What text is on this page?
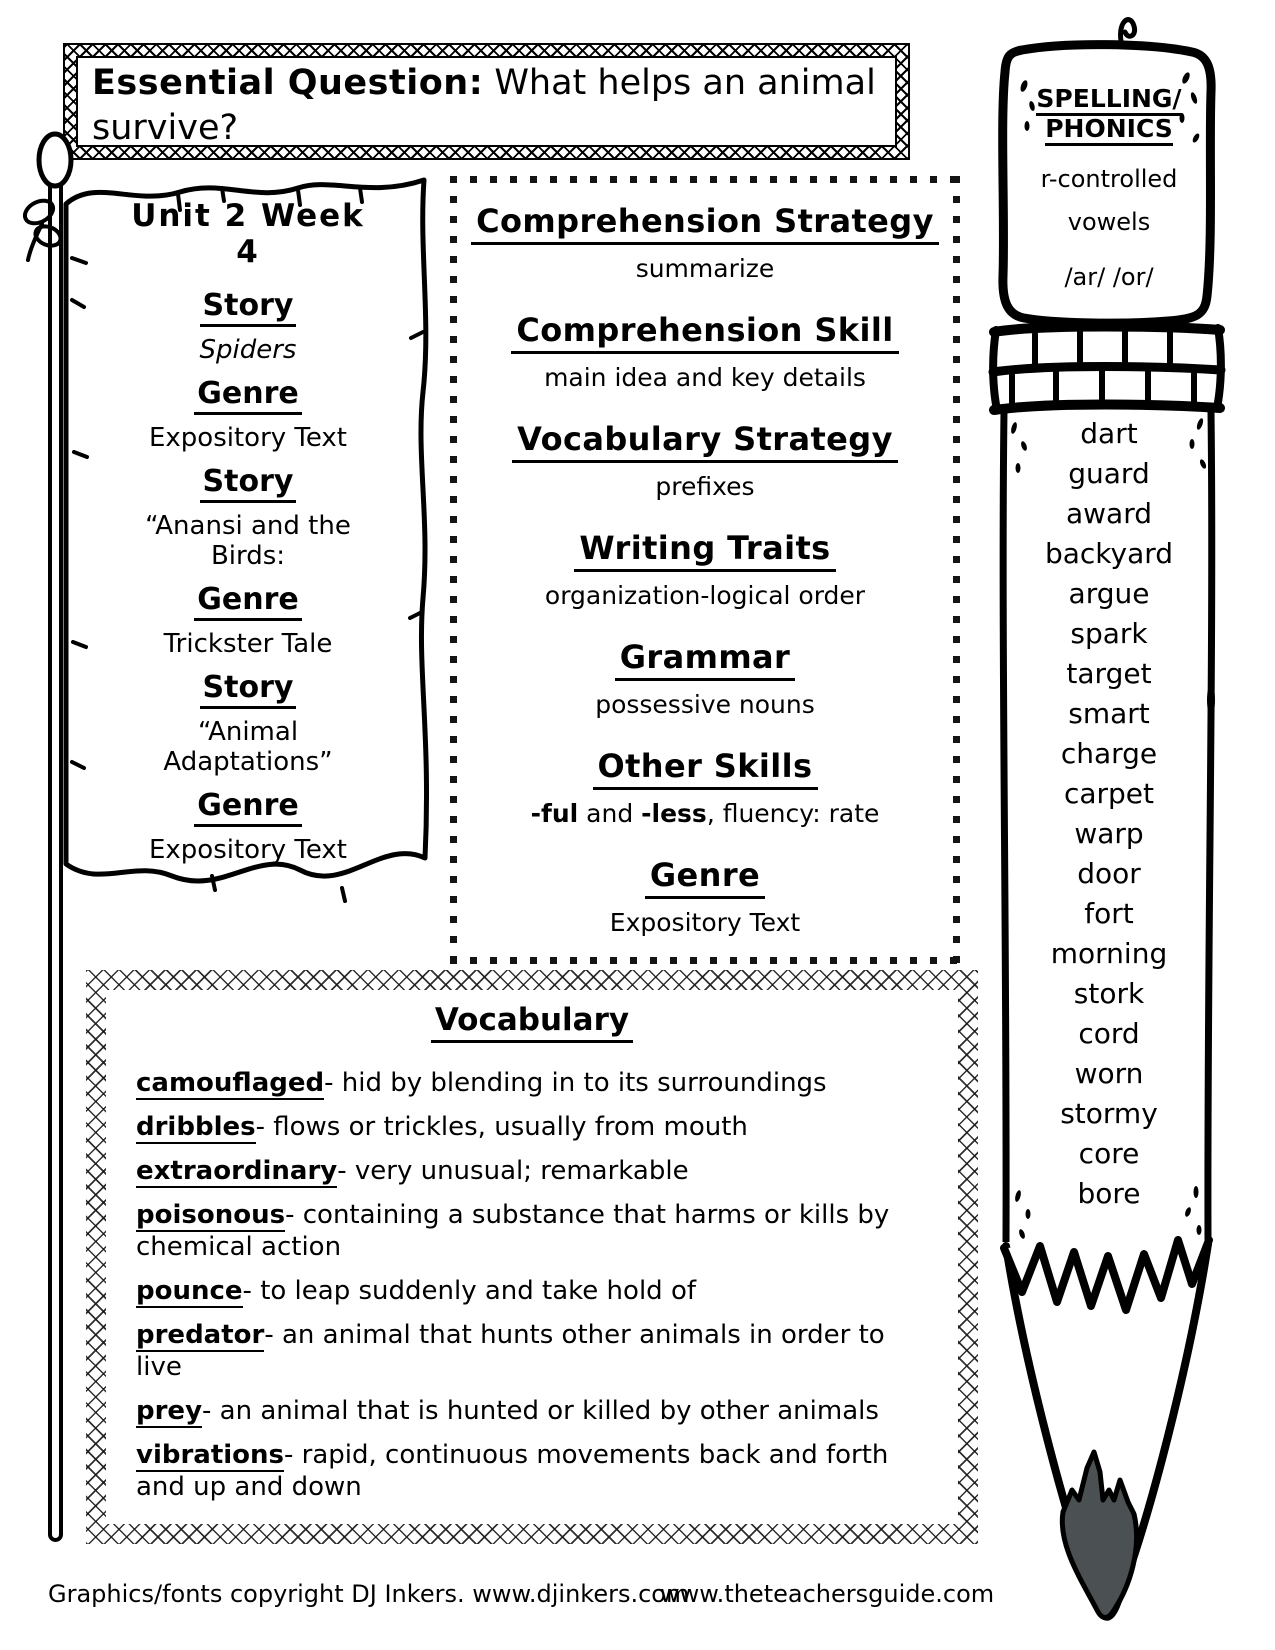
Essential Question: What helps an animal survive?
Unit 2 Week 4
Story
Spiders
Genre
Expository Text
Story
“Anansi and the Birds:
Genre
Trickster Tale
Story
“Animal Adaptations”
Genre
Expository Text
Comprehension Strategy
summarize
Comprehension Skill
main idea and key details
Vocabulary Strategy
prefixes
Writing Traits
organization-logical order
Grammar
possessive nouns
Other Skills
-ful and -less, fluency: rate
Genre
Expository Text
Vocabulary
camouflaged- hid by blending in to its surroundings
dribbles- flows or trickles, usually from mouth
extraordinary- very unusual; remarkable
poisonous- containing a substance that harms or kills by chemical action
pounce- to leap suddenly and take hold of
predator- an animal that hunts other animals in order to live
prey- an animal that is hunted or killed by other animals
vibrations- rapid, continuous movements back and forth and up and down
SPELLING/
PHONICS
r-controlled
vowels
/ar/ /or/
dart
guard
award
backyard
argue
spark
target
smart
charge
carpet
warp
door
fort
morning
stork
cord
worn
stormy
core
bore
Graphics/fonts copyright DJ Inkers. www.djinkers.com
www.theteachersguide.com
